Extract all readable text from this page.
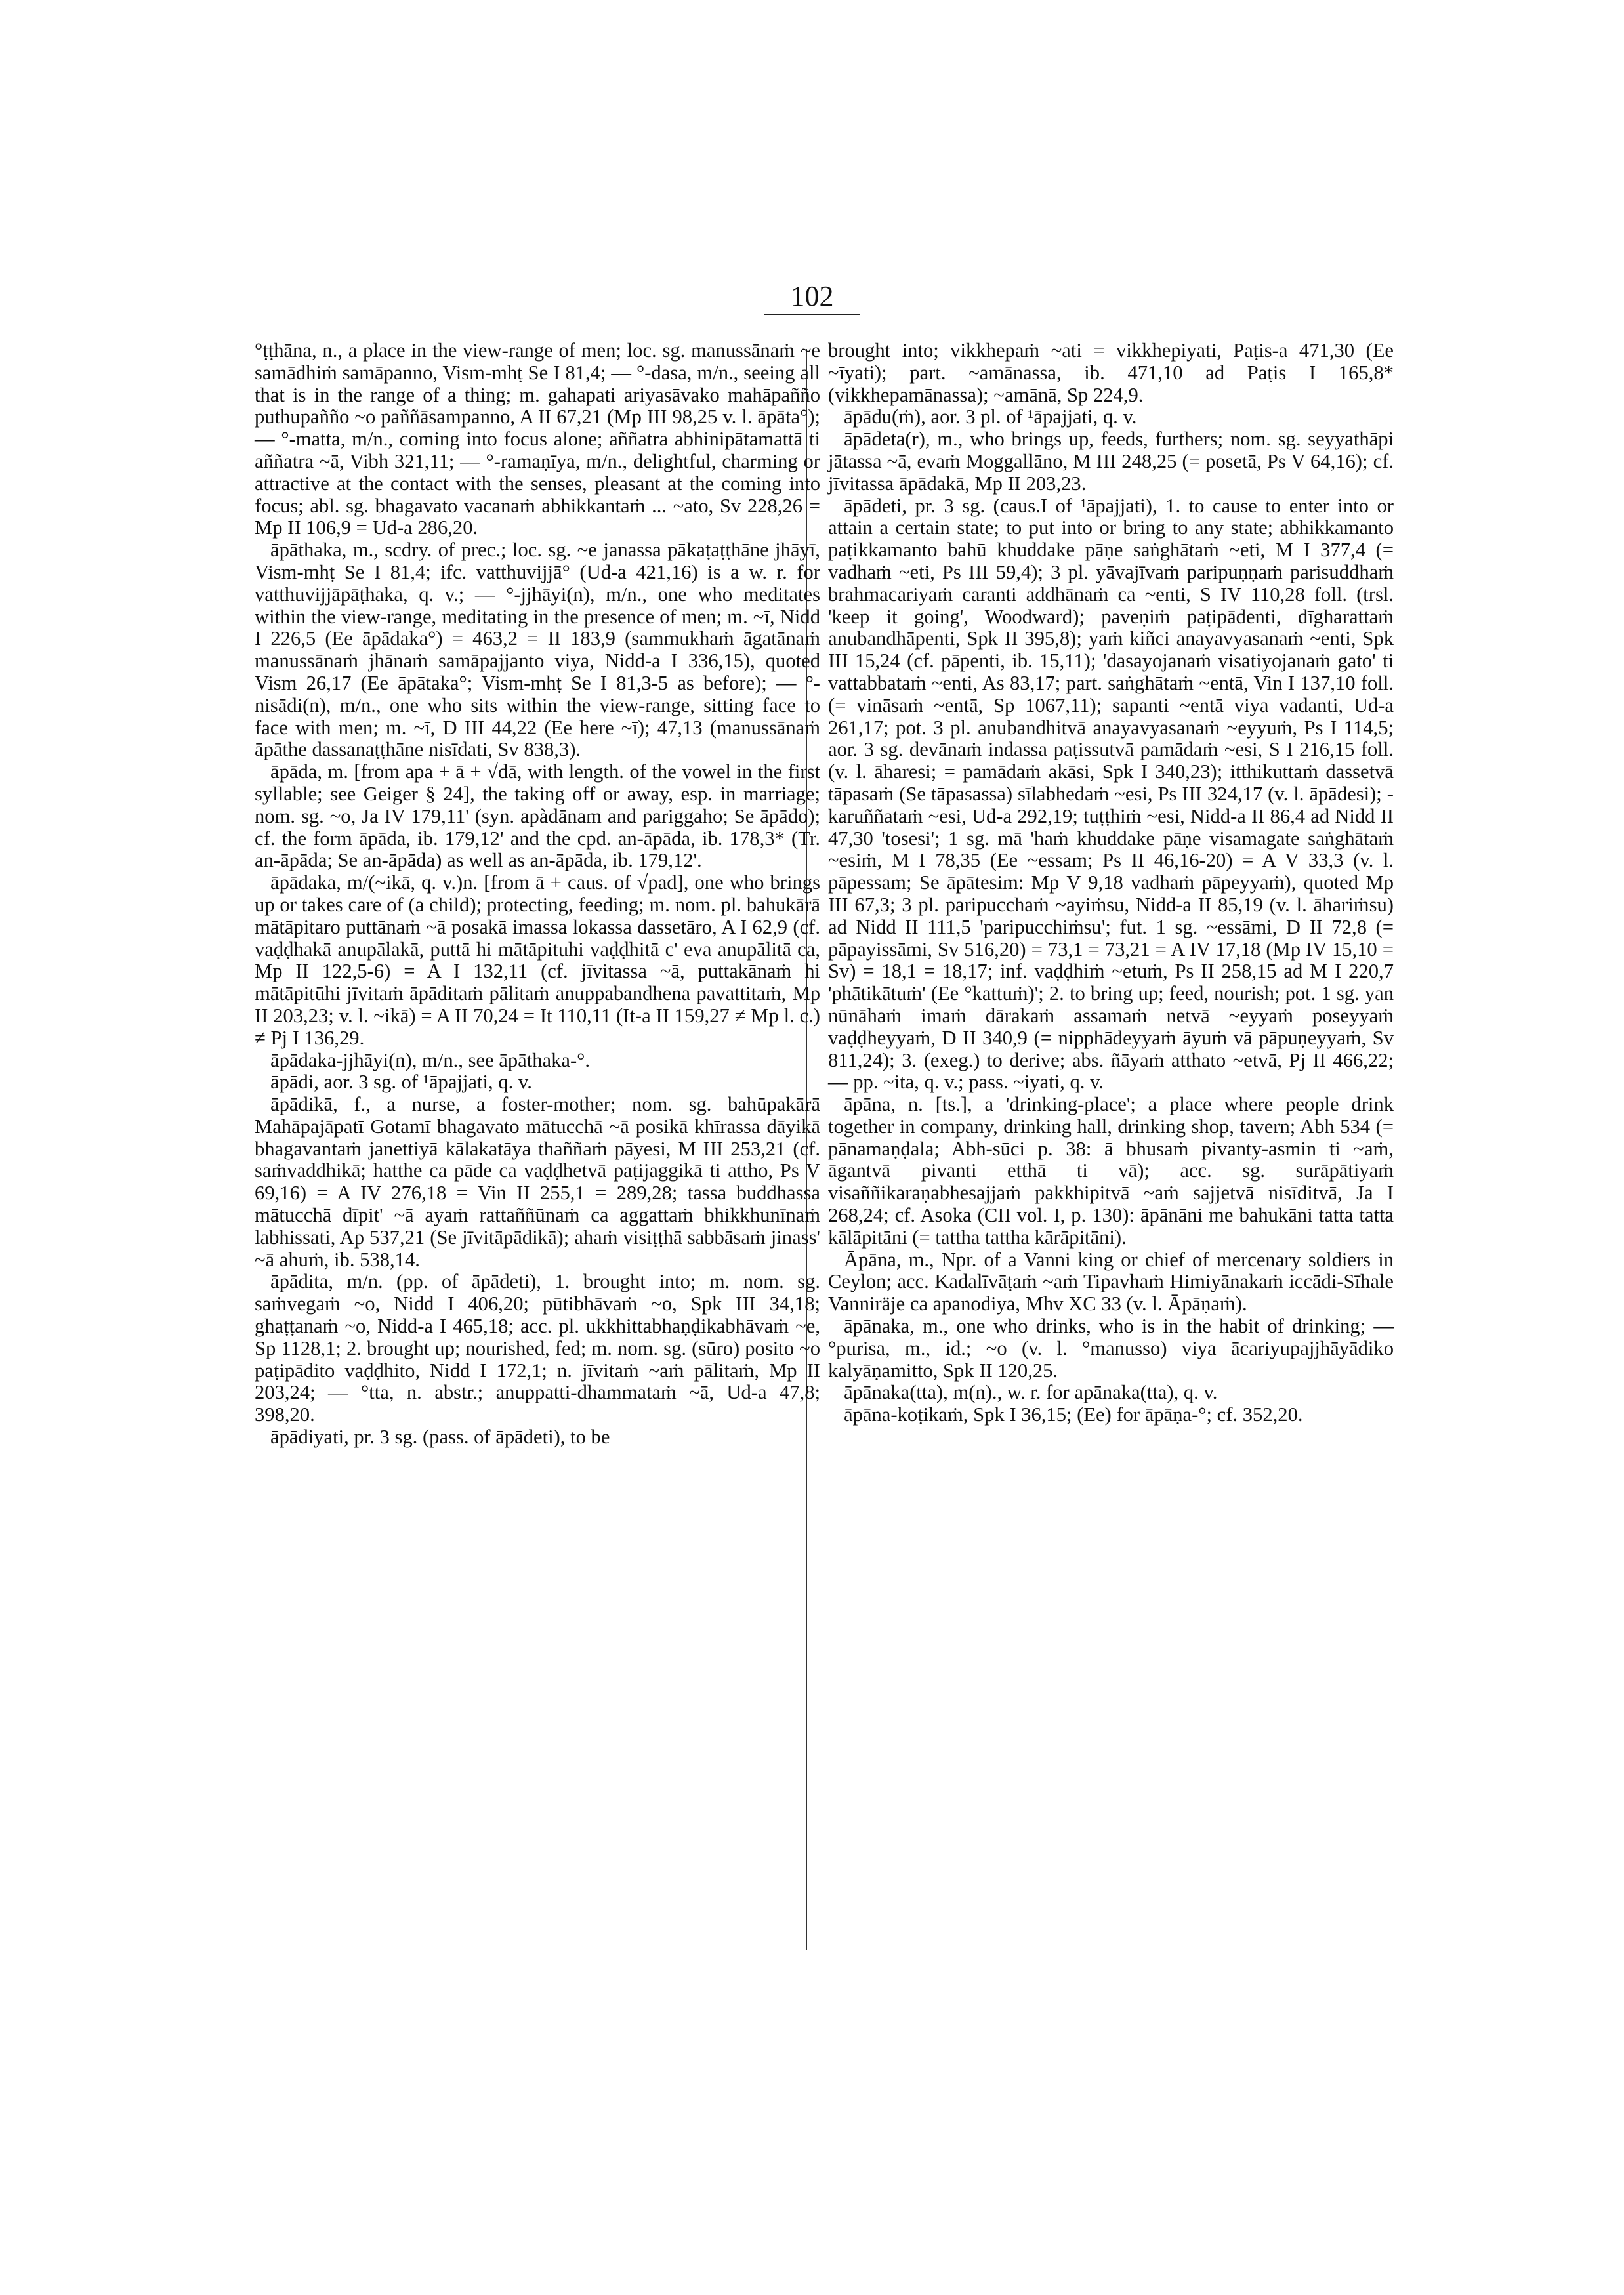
102

°ṭṭhāna, n., a place in the view-range of men; loc. sg. manussānaṁ ~e samādhiṁ samāpanno, Vism-mhṭ Se I 81,4; — °-dasa, m/n., seeing all that is in the range of a thing; m. gahapati ariyasāvako mahāpañño puthupañño ~o paññāsampanno, A II 67,21 (Mp III 98,25 v. l. āpāta°); — °-matta, m/n., coming into focus alone; aññatra abhinipātamattā ti aññatra ~ā, Vibh 321,11; — °-ramaṇīya, m/n., delightful, charming or attractive at the contact with the senses, pleasant at the coming into focus; abl. sg. bhagavato vacanaṁ abhikkantaṁ ... ~ato, Sv 228,26 = Mp II 106,9 = Ud-a 286,20.

āpāthaka, m., scdry. of prec.; loc. sg. ~e janassa pākaṭaṭṭhāne jhāyī, Vism-mhṭ Se I 81,4; ifc. vatthuvijjā° (Ud-a 421,16) is a w. r. for vatthuvijjāpāṭhaka, q. v.; — °-jjhāyi(n), m/n., one who meditates within the view-range, meditating in the presence of men; m. ~ī, Nidd I 226,5 (Ee āpādaka°) = 463,2 = II 183,9 (sammukhaṁ āgatānaṁ manussānaṁ jhānaṁ samāpajjanto viya, Nidd-a I 336,15), quoted Vism 26,17 (Ee āpātaka°; Vism-mhṭ Se I 81,3-5 as before); — °-nisādi(n), m/n., one who sits within the view-range, sitting face to face with men; m. ~ī, D III 44,22 (Ee here ~ī); 47,13 (manussānaṁ āpāthe dassanaṭṭhāne nisīdati, Sv 838,3).

āpāda, m. [from apa + ā + √dā, with length. of the vowel in the first syllable; see Geiger § 24], the taking off or away, esp. in marriage; nom. sg. ~o, Ja IV 179,11' (syn. apàdānam and pariggaho; Se āpādo); cf. the form āpāda, ib. 179,12' and the cpd. an-āpāda, ib. 178,3* (Tr. an-āpāda; Se an-āpāda) as well as an-āpāda, ib. 179,12'.

āpādaka, m/(~ikā, q. v.)n. [from ā + caus. of √pad], one who brings up or takes care of (a child); protecting, feeding; m. nom. pl. bahukārā mātāpitaro puttānaṁ ~ā posakā imassa lokassa dassetāro, A I 62,9 (cf. vaḍḍhakā anupālakā, puttā hi mātāpituhi vaḍḍhitā c' eva anupālitā ca, Mp II 122,5-6) = A I 132,11 (cf. jīvitassa ~ā, puttakānaṁ hi mātāpitūhi jīvitaṁ āpāditaṁ pālitaṁ anuppabandhena pavattitaṁ, Mp II 203,23; v. l. ~ikā) = A II 70,24 = It 110,11 (It-a II 159,27 ≠ Mp l. c.) ≠ Pj I 136,29.

āpādaka-jjhāyi(n), m/n., see āpāthaka-°.

āpādi, aor. 3 sg. of ¹āpajjati, q. v.

āpādikā, f., a nurse, a foster-mother; nom. sg. bahūpakārā Mahāpajāpatī Gotamī bhagavato mātucchā ~ā posikā khīrassa dāyikā bhagavantaṁ janettiyā kālakatāya thaññaṁ pāyesi, M III 253,21 (cf. saṁvaddhikā; hatthe ca pāde ca vaḍḍhetvā paṭijaggikā ti attho, Ps V 69,16) = A IV 276,18 = Vin II 255,1 = 289,28; tassa buddhassa mātucchā dīpit' ~ā ayaṁ rattaññūnaṁ ca aggattaṁ bhikkhunīnaṁ labhissati, Ap 537,21 (Se jīvitāpādikā); ahaṁ visiṭṭhā sabbāsaṁ jinass' ~ā ahuṁ, ib. 538,14.

āpādita, m/n. (pp. of āpādeti), 1. brought into; m. nom. sg. saṁvegaṁ ~o, Nidd I 406,20; pūtibhāvaṁ ~o, Spk III 34,18; ghaṭṭanaṁ ~o, Nidd-a I 465,18; acc. pl. ukkhittabhaṇḍikabhāvaṁ ~e, Sp 1128,1; 2. brought up; nourished, fed; m. nom. sg. (sūro) posito ~o paṭipādito vaḍḍhito, Nidd I 172,1; n. jīvitaṁ ~aṁ pālitaṁ, Mp II 203,24; — °tta, n. abstr.; anuppatti-dhammataṁ ~ā, Ud-a 47,8; 398,20.

āpādiyati, pr. 3 sg. (pass. of āpādeti), to be

brought into; vikkhepaṁ ~ati = vikkhepiyati, Paṭis-a 471,30 (Ee ~īyati); part. ~amānassa, ib. 471,10 ad Paṭis I 165,8* (vikkhepamānassa); ~amānā, Sp 224,9.

āpādu(ṁ), aor. 3 pl. of ¹āpajjati, q. v.

āpādeta(r), m., who brings up, feeds, furthers; nom. sg. seyyathāpi jātassa ~ā, evaṁ Moggallāno, M III 248,25 (= posetā, Ps V 64,16); cf. jīvitassa āpādakā, Mp II 203,23.

āpādeti, pr. 3 sg. (caus.I of ¹āpajjati), 1. to cause to enter into or attain a certain state; to put into or bring to any state; abhikkamanto paṭikkamanto bahū khuddake pāṇe saṅghātaṁ ~eti, M I 377,4 (= vadhaṁ ~eti, Ps III 59,4); 3 pl. yāvajīvaṁ paripuṇṇaṁ parisuddhaṁ brahmacariyaṁ caranti addhānaṁ ca ~enti, S IV 110,28 foll. (trsl. 'keep it going', Woodward); paveṇiṁ paṭipādenti, dīgharattaṁ anubandhāpenti, Spk II 395,8); yaṁ kiñci anayavyasanaṁ ~enti, Spk III 15,24 (cf. pāpenti, ib. 15,11); 'dasayojanaṁ visatiyojanaṁ gato' ti vattabbataṁ ~enti, As 83,17; part. saṅghātaṁ ~entā, Vin I 137,10 foll. (= vināsaṁ ~entā, Sp 1067,11); sapanti ~entā viya vadanti, Ud-a 261,17; pot. 3 pl. anubandhitvā anayavyasanaṁ ~eyyuṁ, Ps I 114,5; aor. 3 sg. devānaṁ indassa paṭissutvā pamādaṁ ~esi, S I 216,15 foll. (v. l. āharesi; = pamādaṁ akāsi, Spk I 340,23); itthikuttaṁ dassetvā tāpasaṁ (Se tāpasassa) sīlabhedaṁ ~esi, Ps III 324,17 (v. l. āpādesi); -karuññataṁ ~esi, Ud-a 292,19; tuṭṭhiṁ ~esi, Nidd-a II 86,4 ad Nidd II 47,30 'tosesi'; 1 sg. mā 'haṁ khuddake pāṇe visamagate saṅghātaṁ ~esiṁ, M I 78,35 (Ee ~essam; Ps II 46,16-20) = A V 33,3 (v. l. pāpessam; Se āpātesim: Mp V 9,18 vadhaṁ pāpeyyaṁ), quoted Mp III 67,3; 3 pl. paripucchaṁ ~ayiṁsu, Nidd-a II 85,19 (v. l. āhariṁsu) ad Nidd II 111,5 'paripucchiṁsu'; fut. 1 sg. ~essāmi, D II 72,8 (= pāpayissāmi, Sv 516,20) = 73,1 = 73,21 = A IV 17,18 (Mp IV 15,10 = Sv) = 18,1 = 18,17; inf. vaḍḍhiṁ ~etuṁ, Ps II 258,15 ad M I 220,7 'phātikātuṁ' (Ee °kattuṁ)'; 2. to bring up; feed, nourish; pot. 1 sg. yan nūnāhaṁ imaṁ dārakaṁ assamaṁ netvā ~eyyaṁ poseyyaṁ vaḍḍheyyaṁ, D II 340,9 (= nipphādeyyaṁ āyuṁ vā pāpuṇeyyaṁ, Sv 811,24); 3. (exeg.) to derive; abs. ñāyaṁ atthato ~etvā, Pj II 466,22; — pp. ~ita, q. v.; pass. ~iyati, q. v.

āpāna, n. [ts.], a 'drinking-place'; a place where people drink together in company, drinking hall, drinking shop, tavern; Abh 534 (= pānamaṇḍala; Abh-sūci p. 38: ā bhusaṁ pivanty-asmin ti ~aṁ, āgantvā pivanti etthā ti vā); acc. sg. surāpātiyaṁ visaññikaraṇabhesajjaṁ pakkhipitvā ~aṁ sajjetvā nisīditvā, Ja I 268,24; cf. Asoka (CII vol. I, p. 130): āpānāni me bahukāni tatta tatta kālāpitāni (= tattha tattha kārāpitāni).

Āpāna, m., Npr. of a Vanni king or chief of mercenary soldiers in Ceylon; acc. Kadalīvāṭaṁ ~aṁ Tipavhaṁ Himiyānakaṁ iccādi-Sīhale Vanniräje ca apanodiya, Mhv XC 33 (v. l. Āpāṇaṁ).

āpānaka, m., one who drinks, who is in the habit of drinking; — °purisa, m., id.; ~o (v. l. °manusso) viya ācariyupajjhāyādiko kalyāṇamitto, Spk II 120,25.

āpānaka(tta), m(n)., w. r. for apānaka(tta), q. v.

āpāna-koṭikaṁ, Spk I 36,15; (Ee) for āpāṇa-°; cf. 352,20.
